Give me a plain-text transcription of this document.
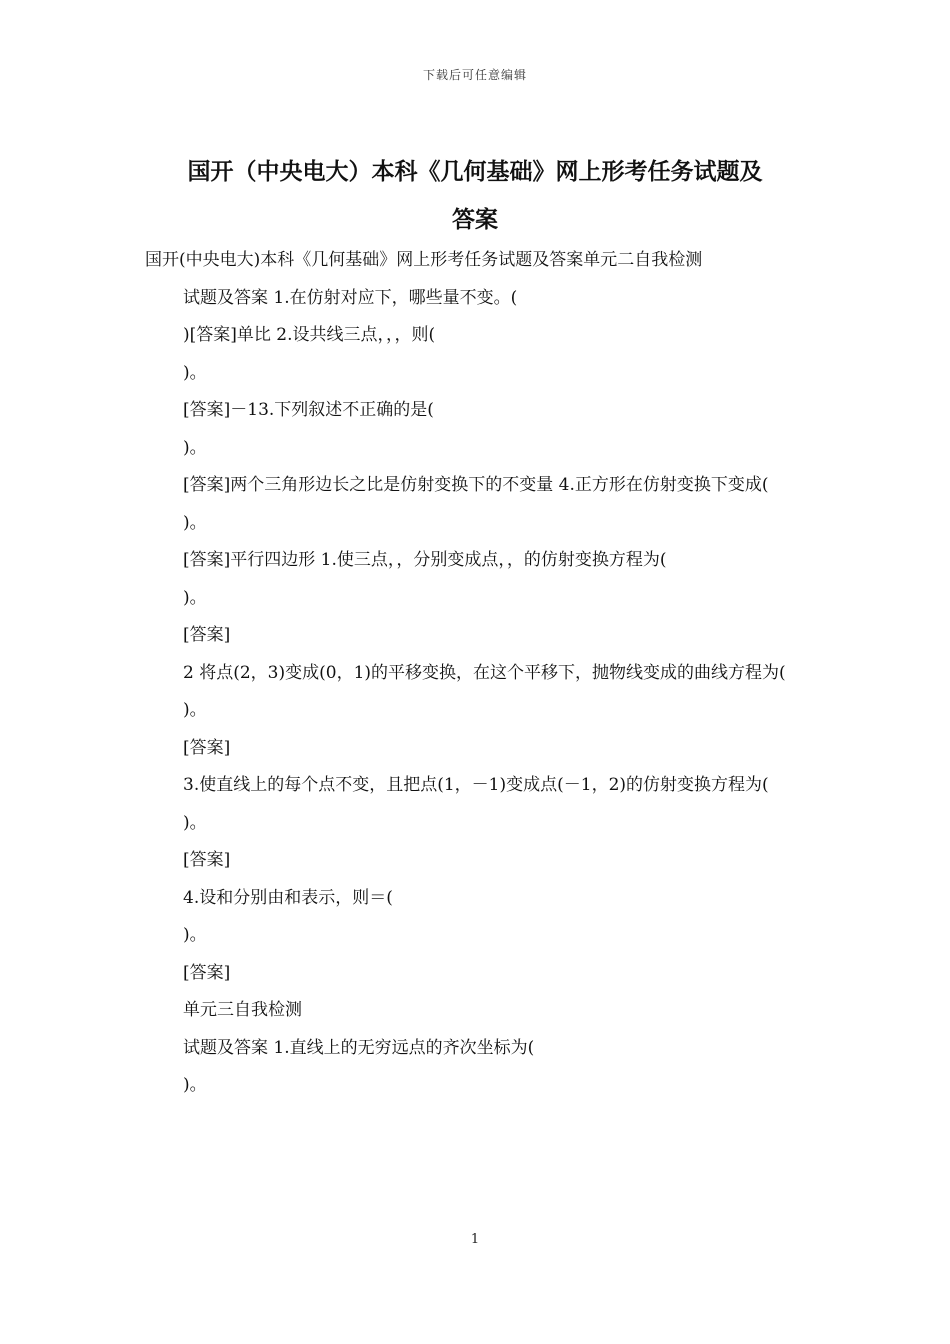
下载后可任意编辑
国开（中央电大）本科《几何基础》网上形考任务试题及
答案

国开(中央电大)本科《几何基础》网上形考任务试题及答案单元二自我检测

试题及答案 1.在仿射对应下，哪些量不变。(

)[答案]单比 2.设共线三点，，，则(

)。

[答案]－13.下列叙述不正确的是(

)。

[答案]两个三角形边长之比是仿射变换下的不变量 4.正方形在仿射变换下变成(

)。

[答案]平行四边形 1.使三点，，分别变成点，，的仿射变换方程为(

)。

[答案]

2 将点(2，3)变成(0，1)的平移变换，在这个平移下，抛物线变成的曲线方程为(

)。

[答案]

3.使直线上的每个点不变，且把点(1，－1)变成点(－1，2)的仿射变换方程为(

)。

[答案]

4.设和分别由和表示，则＝(

)。

[答案]

单元三自我检测

试题及答案 1.直线上的无穷远点的齐次坐标为(

)。

1
